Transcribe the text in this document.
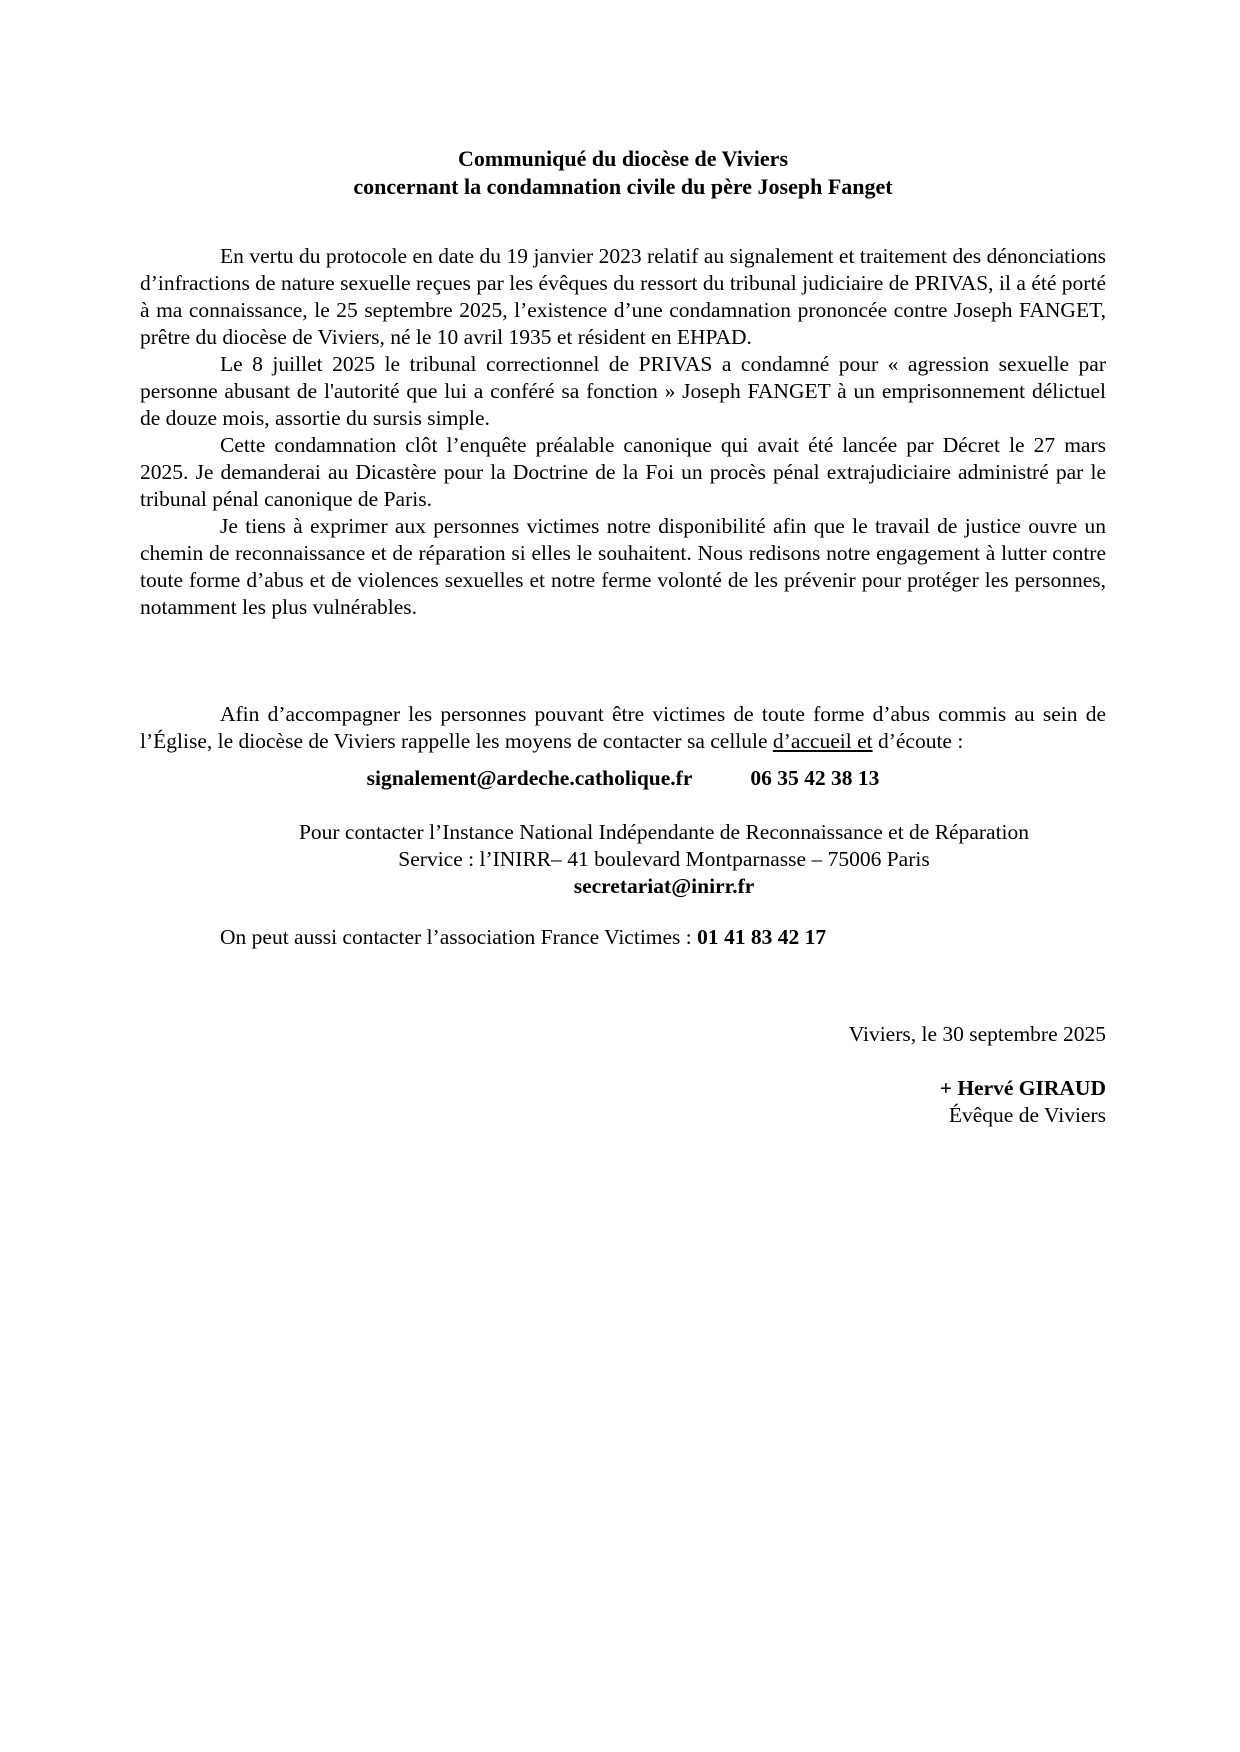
Communiqué du diocèse de Viviers
concernant la condamnation civile du père Joseph Fanget

En vertu du protocole en date du 19 janvier 2023 relatif au signalement et traitement des dénonciations d’infractions de nature sexuelle reçues par les évêques du ressort du tribunal judiciaire de PRIVAS, il a été porté à ma connaissance, le 25 septembre 2025, l’existence d’une condamnation prononcée contre Joseph FANGET, prêtre du diocèse de Viviers, né le 10 avril 1935 et résident en EHPAD.

Le 8 juillet 2025 le tribunal correctionnel de PRIVAS a condamné pour « agression sexuelle par personne abusant de l'autorité que lui a conféré sa fonction » Joseph FANGET à un emprisonnement délictuel de douze mois, assortie du sursis simple.

Cette condamnation clôt l’enquête préalable canonique qui avait été lancée par Décret le 27 mars 2025. Je demanderai au Dicastère pour la Doctrine de la Foi un procès pénal extrajudiciaire administré par le tribunal pénal canonique de Paris.

Je tiens à exprimer aux personnes victimes notre disponibilité afin que le travail de justice ouvre un chemin de reconnaissance et de réparation si elles le souhaitent. Nous redisons notre engagement à lutter contre toute forme d’abus et de violences sexuelles et notre ferme volonté de les prévenir pour protéger les personnes, notamment les plus vulnérables.

Afin d’accompagner les personnes pouvant être victimes de toute forme d’abus commis au sein de l’Église, le diocèse de Viviers rappelle les moyens de contacter sa cellule d’accueil et d’écoute :

signalement@ardeche.catholique.fr	06 35 42 38 13

Pour contacter l’Instance National Indépendante de Reconnaissance et de Réparation

Service : l’INIRR– 41 boulevard Montparnasse – 75006 Paris

secretariat@inirr.fr

On peut aussi contacter l’association France Victimes : 01 41 83 42 17

Viviers, le 30 septembre 2025

+ Hervé GIRAUD

Évêque de Viviers
